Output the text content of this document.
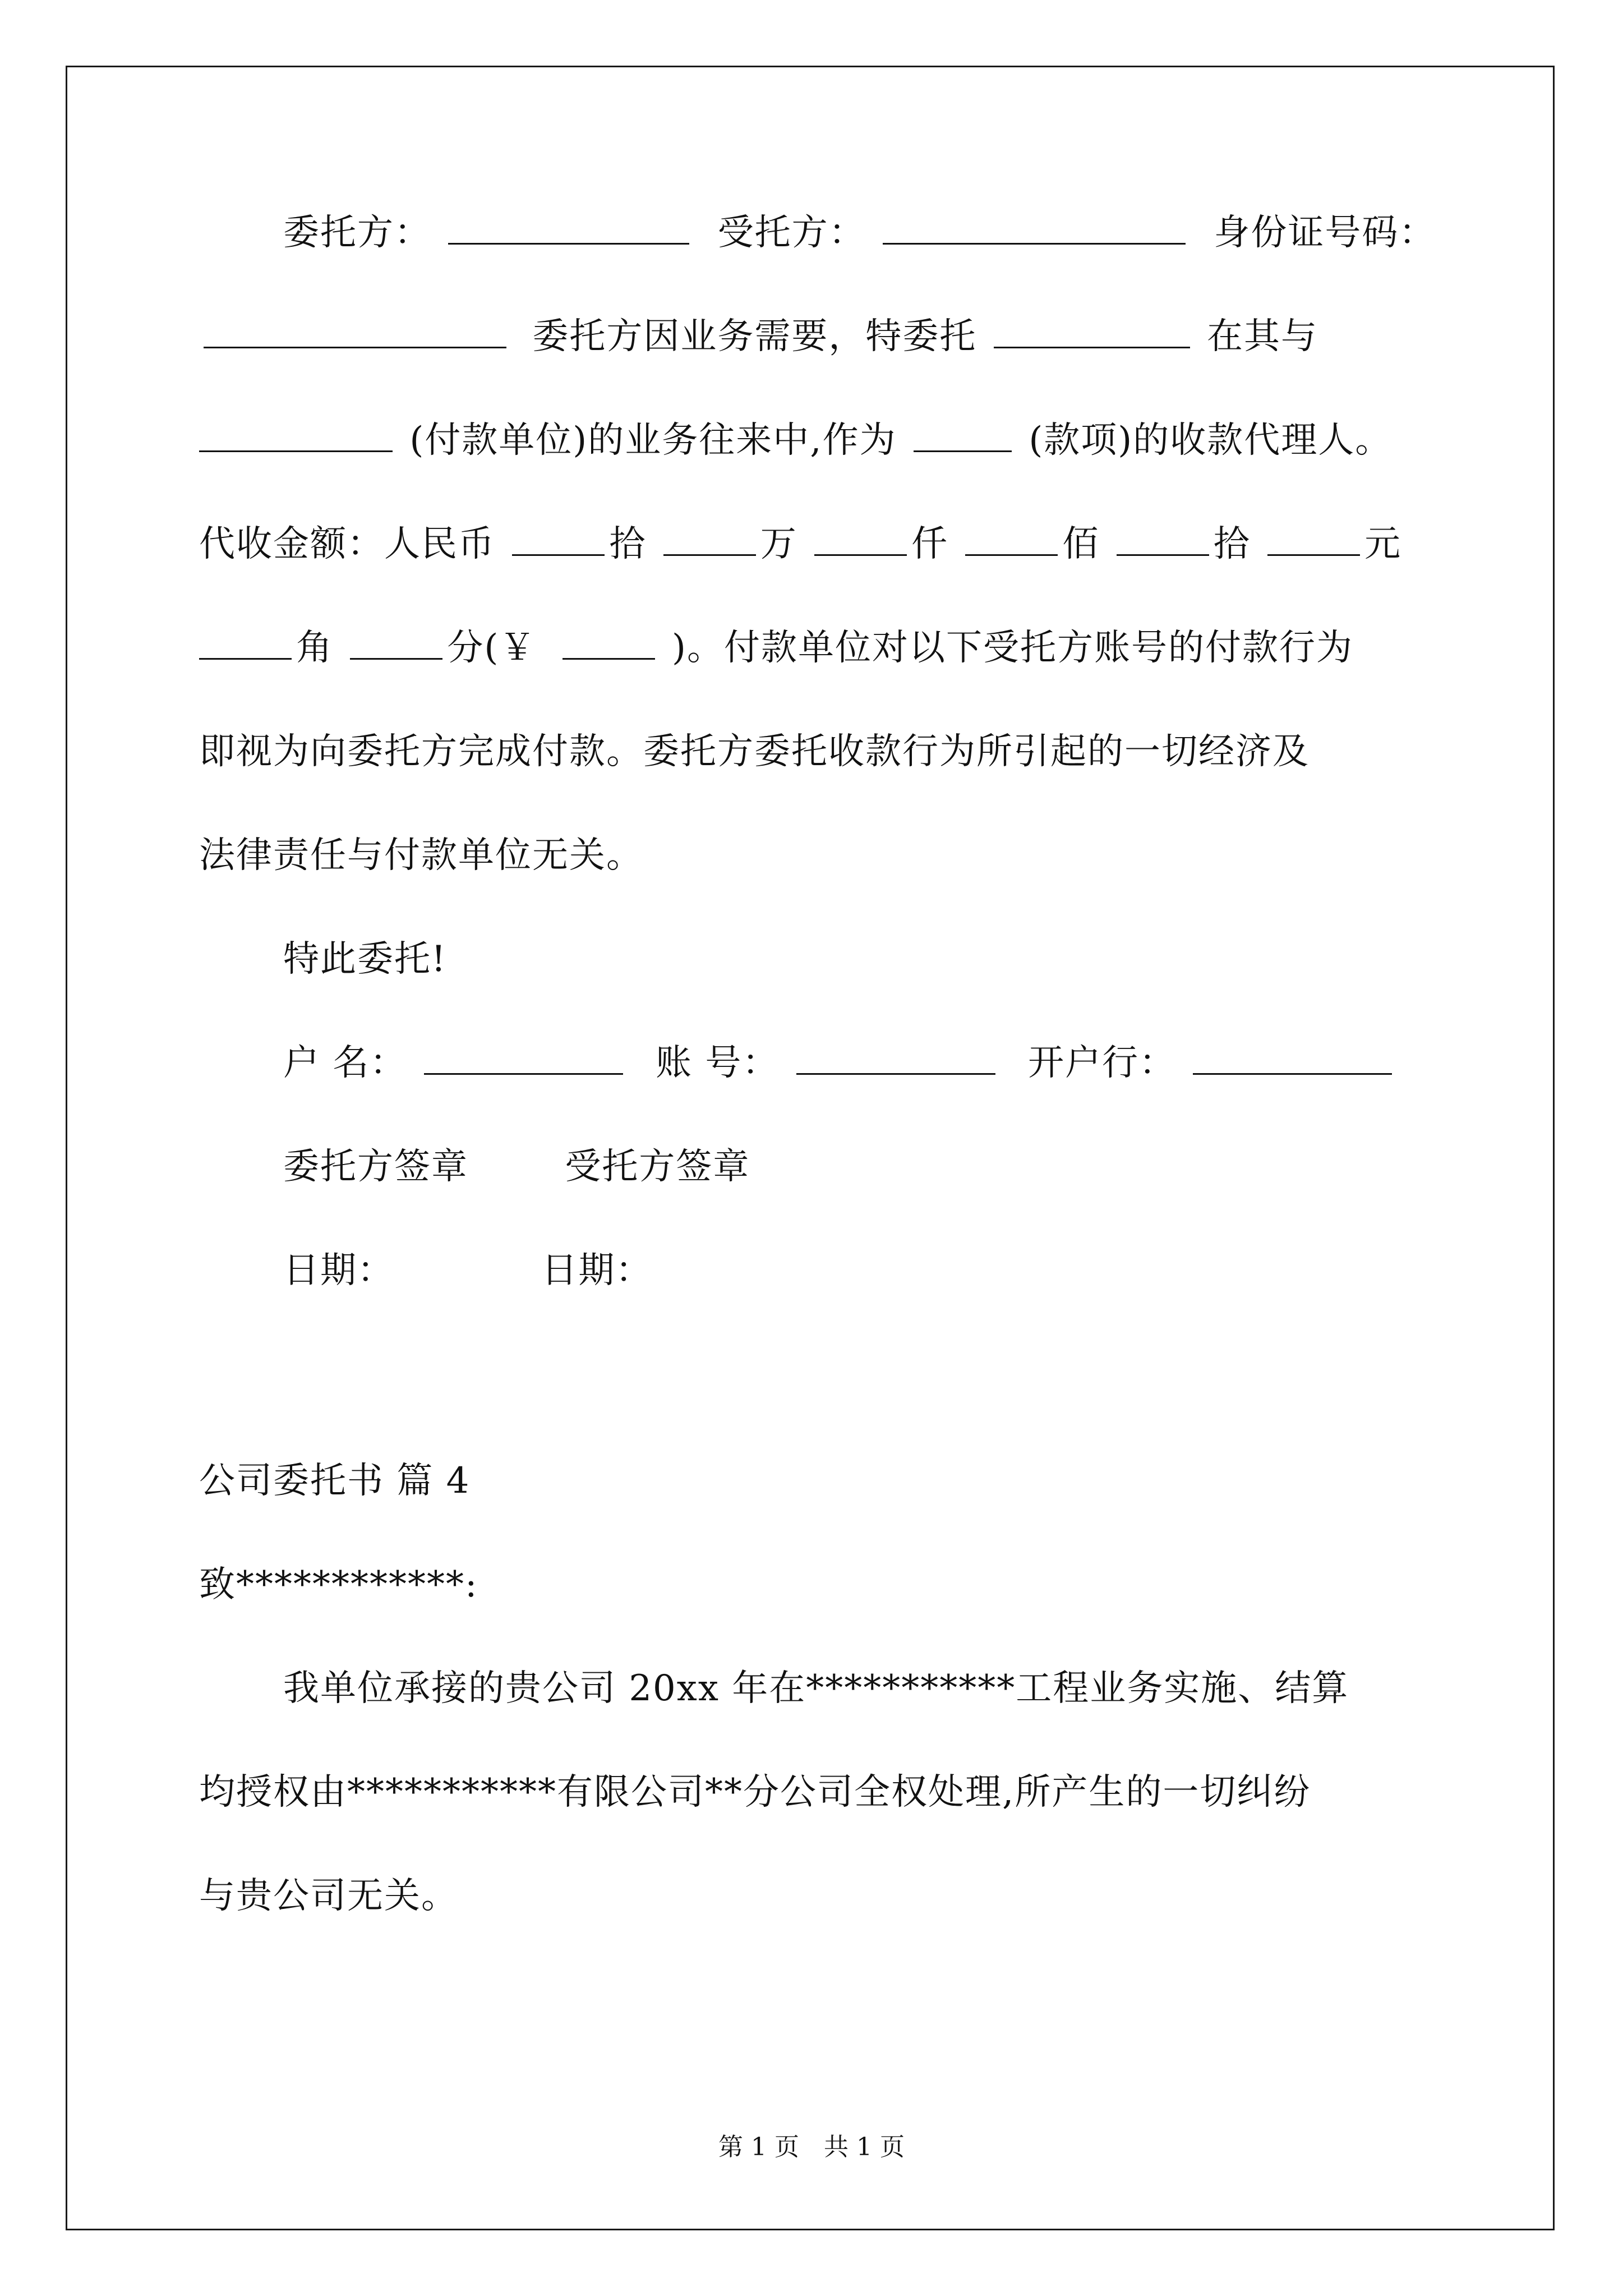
委托方：	受托方：	身份证号码：
委托方因业务需要，特委托	在其与
(付款单位)的业务往来中,作为	(款项)的收款代理人。
代收金额：人民币	拾	万	仟	佰	拾	元
角	分(￥	)。付款单位对以下受托方账号的付款行为
即视为向委托方完成付款。委托方委托收款行为所引起的一切经济及
法律责任与付款单位无关。
特此委托!
户 名：	账 号：	开户行：
委托方签章	受托方签章
日期：	日期：
公司委托书 篇 4
致************:
我单位承接的贵公司 20xx 年在***********工程业务实施、结算
均授权由***********有限公司**分公司全权处理,所产生的一切纠纷
与贵公司无关。
第 1 页　共 1 页
